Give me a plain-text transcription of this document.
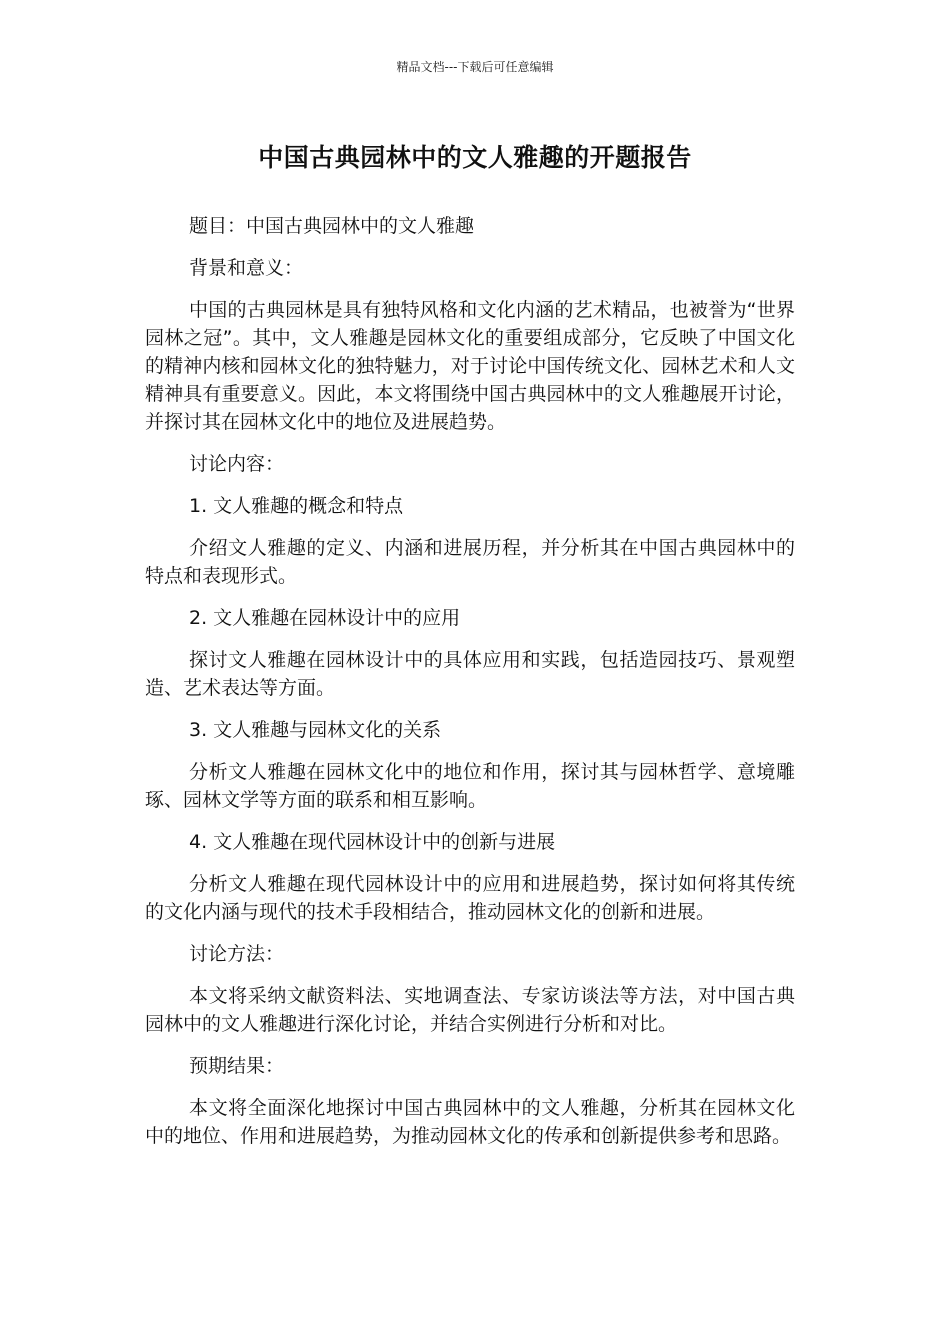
精品文档---下载后可任意编辑
中国古典园林中的文人雅趣的开题报告

题目：中国古典园林中的文人雅趣

背景和意义：

中国的古典园林是具有独特风格和文化内涵的艺术精品，也被誉为“世界园林之冠”。其中，文人雅趣是园林文化的重要组成部分，它反映了中国文化的精神内核和园林文化的独特魅力，对于讨论中国传统文化、园林艺术和人文精神具有重要意义。因此，本文将围绕中国古典园林中的文人雅趣展开讨论，并探讨其在园林文化中的地位及进展趋势。

讨论内容：

1. 文人雅趣的概念和特点

介绍文人雅趣的定义、内涵和进展历程，并分析其在中国古典园林中的特点和表现形式。

2. 文人雅趣在园林设计中的应用

探讨文人雅趣在园林设计中的具体应用和实践，包括造园技巧、景观塑造、艺术表达等方面。

3. 文人雅趣与园林文化的关系

分析文人雅趣在园林文化中的地位和作用，探讨其与园林哲学、意境雕琢、园林文学等方面的联系和相互影响。

4. 文人雅趣在现代园林设计中的创新与进展

分析文人雅趣在现代园林设计中的应用和进展趋势，探讨如何将其传统的文化内涵与现代的技术手段相结合，推动园林文化的创新和进展。

讨论方法：

本文将采纳文献资料法、实地调查法、专家访谈法等方法，对中国古典园林中的文人雅趣进行深化讨论，并结合实例进行分析和对比。

预期结果：

本文将全面深化地探讨中国古典园林中的文人雅趣，分析其在园林文化中的地位、作用和进展趋势，为推动园林文化的传承和创新提供参考和思路。
